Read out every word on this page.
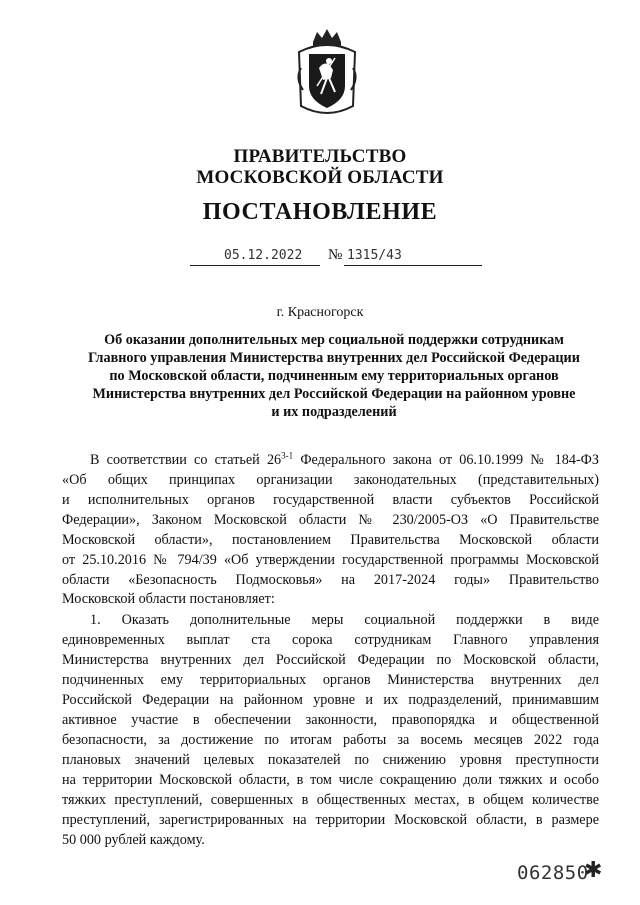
ПРАВИТЕЛЬСТВО
МОСКОВСКОЙ ОБЛАСТИ
ПОСТАНОВЛЕНИЕ
05.12.2022 № 1315/43
г. Красногорск
Об оказании дополнительных мер социальной поддержки сотрудникам
Главного управления Министерства внутренних дел Российской Федерации
по Московской области, подчиненным ему территориальных органов
Министерства внутренних дел Российской Федерации на районном уровне
и их подразделений
В соответствии со статьей 26$^{3-1}$ Федерального закона от 06.10.1999 № 184-ФЗ
«Об общих принципах организации законодательных (представительных)
и исполнительных органов государственной власти субъектов Российской
Федерации», Законом Московской области № 230/2005-ОЗ «О Правительстве
Московской области», постановлением Правительства Московской области
от 25.10.2016 № 794/39 «Об утверждении государственной программы Московской
области «Безопасность Подмосковья» на 2017-2024 годы» Правительство
Московской области постановляет:
1. Оказать дополнительные меры социальной поддержки в виде
единовременных выплат ста сорока сотрудникам Главного управления
Министерства внутренних дел Российской Федерации по Московской области,
подчиненных ему территориальных органов Министерства внутренних дел
Российской Федерации на районном уровне и их подразделений, принимавшим
активное участие в обеспечении законности, правопорядка и общественной
безопасности, за достижение по итогам работы за восемь месяцев 2022 года
плановых значений целевых показателей по снижению уровня преступности
на территории Московской области, в том числе сокращению доли тяжких и особо
тяжких преступлений, совершенных в общественных местах, в общем количестве
преступлений, зарегистрированных на территории Московской области, в размере
50 000 рублей каждому.
062850
✱
